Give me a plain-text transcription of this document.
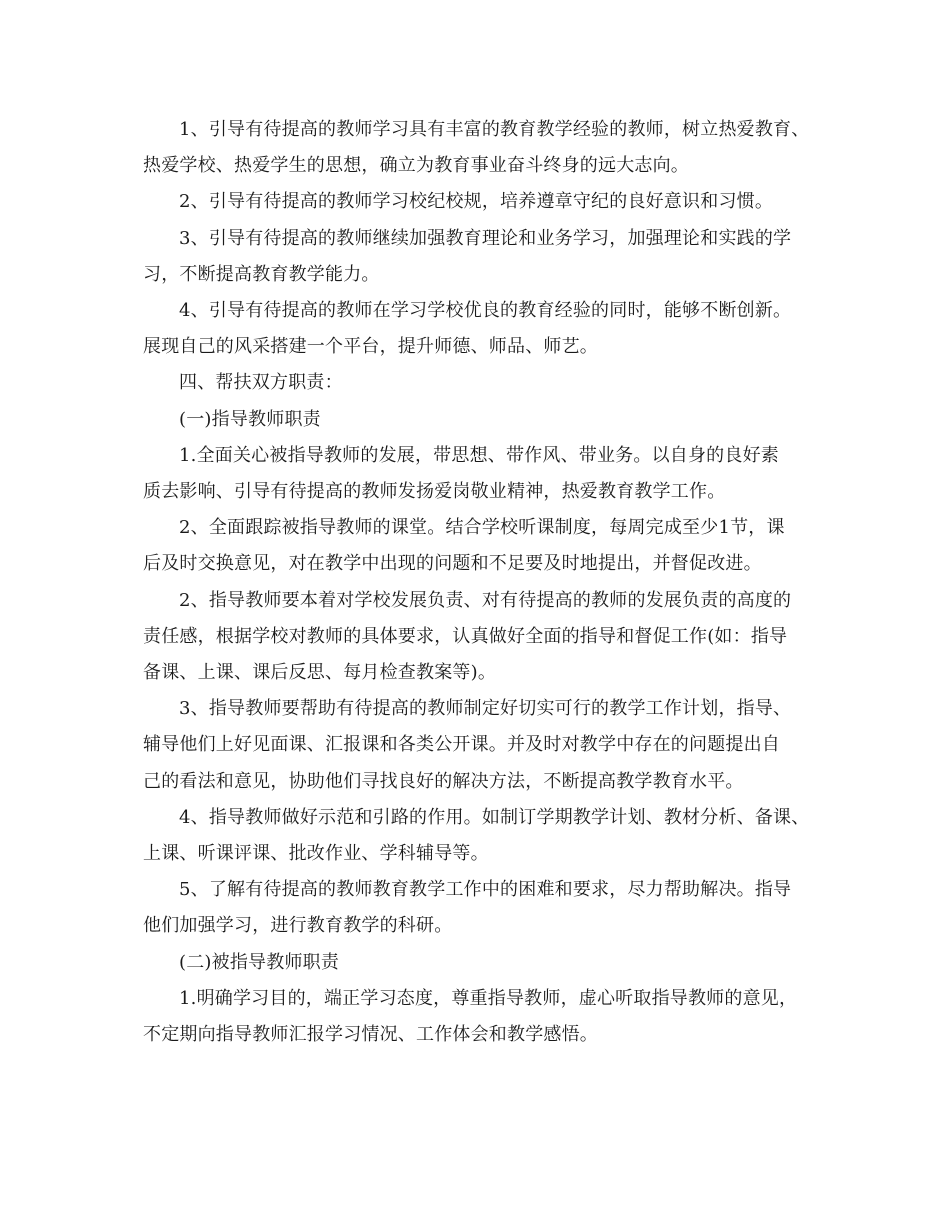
1、引导有待提高的教师学习具有丰富的教育教学经验的教师，树立热爱教育、
热爱学校、热爱学生的思想，确立为教育事业奋斗终身的远大志向。

2、引导有待提高的教师学习校纪校规，培养遵章守纪的良好意识和习惯。

3、引导有待提高的教师继续加强教育理论和业务学习，加强理论和实践的学
习，不断提高教育教学能力。

4、引导有待提高的教师在学习学校优良的教育经验的同时，能够不断创新。
展现自己的风采搭建一个平台，提升师德、师品、师艺。

四、帮扶双方职责：

(一)指导教师职责

1.全面关心被指导教师的发展，带思想、带作风、带业务。以自身的良好素
质去影响、引导有待提高的教师发扬爱岗敬业精神，热爱教育教学工作。

2、全面跟踪被指导教师的课堂。结合学校听课制度，每周完成至少1节，课
后及时交换意见，对在教学中出现的问题和不足要及时地提出，并督促改进。

2、指导教师要本着对学校发展负责、对有待提高的教师的发展负责的高度的
责任感，根据学校对教师的具体要求，认真做好全面的指导和督促工作(如：指导
备课、上课、课后反思、每月检查教案等)。

3、指导教师要帮助有待提高的教师制定好切实可行的教学工作计划，指导、
辅导他们上好见面课、汇报课和各类公开课。并及时对教学中存在的问题提出自
己的看法和意见，协助他们寻找良好的解决方法，不断提高教学教育水平。

4、指导教师做好示范和引路的作用。如制订学期教学计划、教材分析、备课、
上课、听课评课、批改作业、学科辅导等。

5、了解有待提高的教师教育教学工作中的困难和要求，尽力帮助解决。指导
他们加强学习，进行教育教学的科研。

(二)被指导教师职责

1.明确学习目的，端正学习态度，尊重指导教师，虚心听取指导教师的意见，
不定期向指导教师汇报学习情况、工作体会和教学感悟。
